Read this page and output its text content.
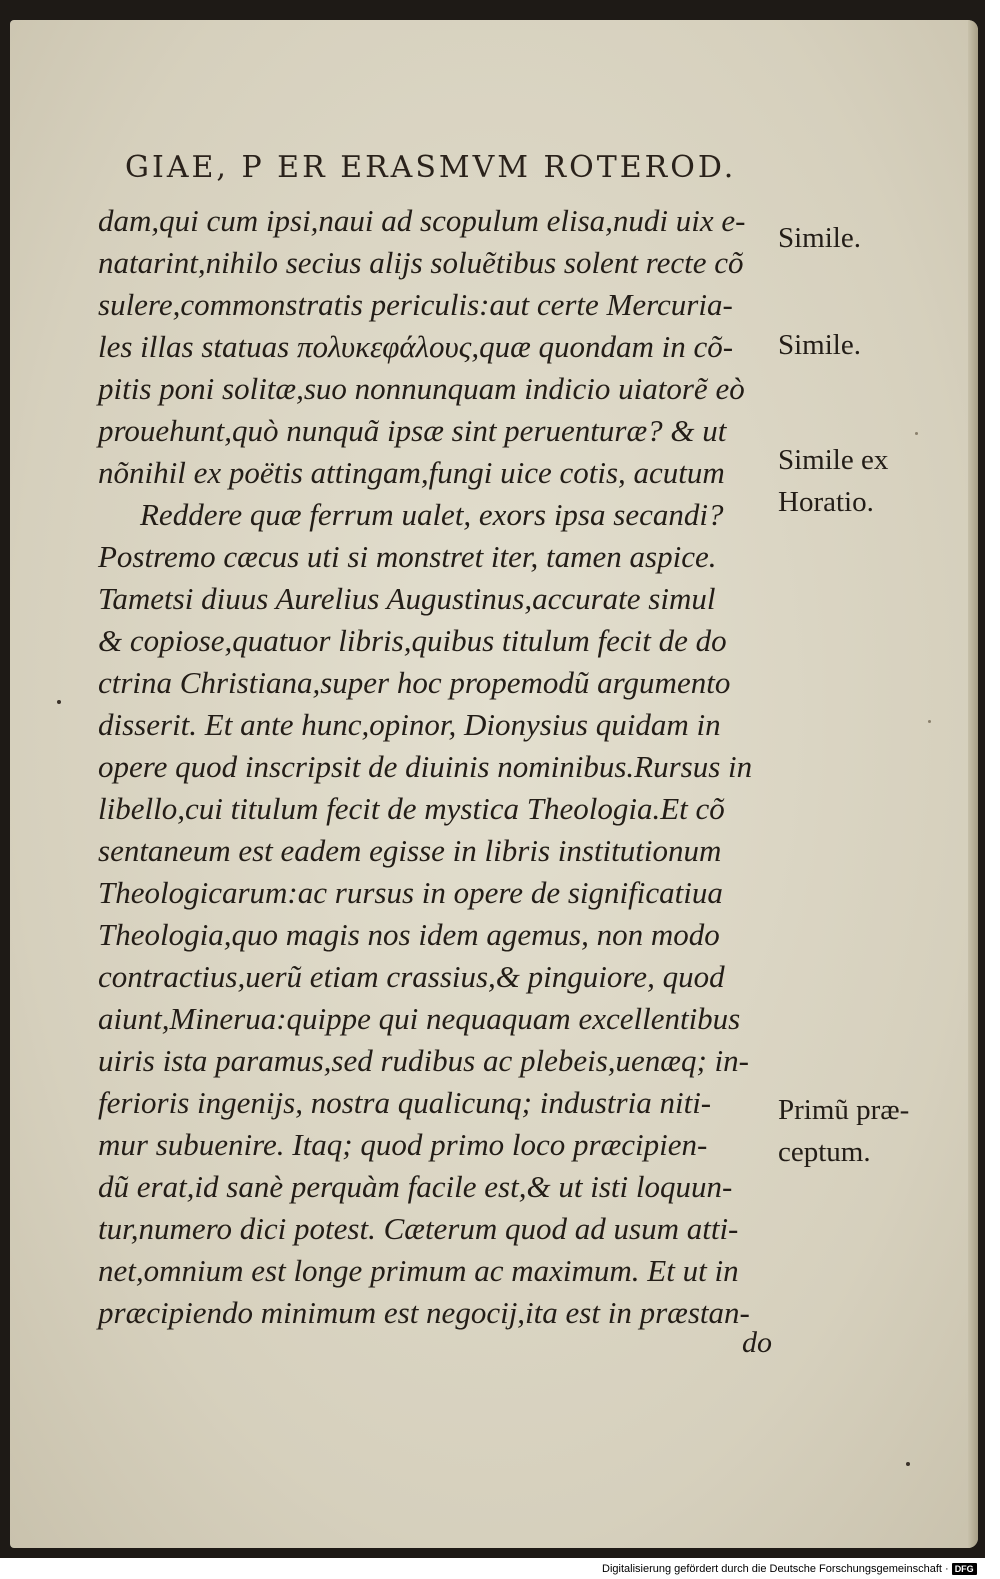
GIAE, P ER ERASMVM ROTEROD.
dam,qui cum ipsi,naui ad scopulum elisa,nudi uix e-
natarint,nihilo secius alijs soluẽtibus solent recte cõ
sulere,commonstratis periculis:aut certe Mercuria-
les illas statuas πολυκεφάλους,quæ quondam in cõ-
pitis poni solitæ,suo nonnunquam indicio uiatorẽ eò
prouehunt,quò nunquã ipsæ sint peruenturæ? & ut
nõnihil ex poëtis attingam,fungi uice cotis, acutum
Reddere quæ ferrum ualet, exors ipsa secandi?
Postremo cæcus uti si monstret iter, tamen aspice.
Tametsi diuus Aurelius Augustinus,accurate simul
& copiose,quatuor libris,quibus titulum fecit de do
ctrina Christiana,super hoc propemodũ argumento
disserit. Et ante hunc,opinor, Dionysius quidam in
opere quod inscripsit de diuinis nominibus.Rursus in
libello,cui titulum fecit de mystica Theologia.Et cõ
sentaneum est eadem egisse in libris institutionum
Theologicarum:ac rursus in opere de significatiua
Theologia,quo magis nos idem agemus, non modo
contractius,uerũ etiam crassius,& pinguiore, quod
aiunt,Minerua:quippe qui nequaquam excellentibus
uiris ista paramus,sed rudibus ac plebeis,uenæq; in-
ferioris ingenijs, nostra qualicunq; industria niti-
mur subuenire. Itaq; quod primo loco præcipien-
dũ erat,id sanè perquàm facile est,& ut isti loquun-
tur,numero dici potest. Cæterum quod ad usum atti-
net,omnium est longe primum ac maximum. Et ut in
præcipiendo minimum est negocij,ita est in præstan-
do
Simile.
Simile.
Simile ex
Horatio.
Primũ præ-
ceptum.
Digitalisierung gefördert durch die Deutsche Forschungsgemeinschaft · DFG
